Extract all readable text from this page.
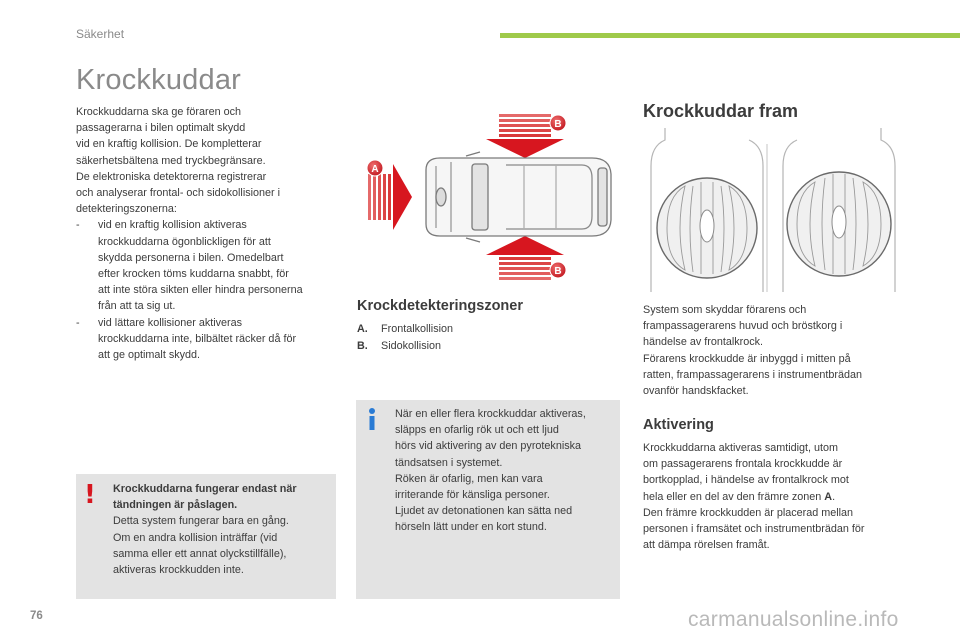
Säkerhet
Krockkuddar

Krockkuddarna ska ge föraren och

passagerarna i bilen optimalt skydd

vid en kraftig kollision. De kompletterar

säkerhetsbältena med tryckbegränsare.

De elektroniska detektorerna registrerar

och analyserar frontal- och sidokollisioner i

detekteringszonerna:

- vid en kraftig kollision aktiveras

krockkuddarna ögonblickligen för att

skydda personerna i bilen. Omedelbart

efter krocken töms kuddarna snabbt, för

att inte störa sikten eller hindra personerna

från att ta sig ut.

- vid lättare kollisioner aktiveras

krockkuddarna inte, bilbältet räcker då för

att ge optimalt skydd.

! Krockkuddarna fungerar endast när

tändningen är påslagen.

Detta system fungerar bara en gång.

Om en andra kollision inträffar (vid

samma eller ett annat olyckstillfälle),

aktiveras krockkudden inte.

B
B
A
Krockdetekteringszoner
A. Frontalkollision
B. Sidokollision

När en eller flera krockkuddar aktiveras,

släpps en ofarlig rök ut och ett ljud

hörs vid aktivering av den pyrotekniska

tändsatsen i systemet.

Röken är ofarlig, men kan vara

irriterande för känsliga personer.

Ljudet av detonationen kan sätta ned

hörseln lätt under en kort stund.

Krockkuddar fram

System som skyddar förarens och

frampassagerarens huvud och bröstkorg i

händelse av frontalkrock.

Förarens krockkudde är inbyggd i mitten på

ratten, frampassagerarens i instrumentbrädan

ovanför handskfacket.

Aktivering

Krockkuddarna aktiveras samtidigt, utom

om passagerarens frontala krockkudde är

bortkopplad, i händelse av frontalkrock mot

hela eller en del av den främre zonen A.

Den främre krockkudden är placerad mellan

personen i framsätet och instrumentbrädan för

att dämpa rörelsen framåt.

76	carmanualsonline.info
